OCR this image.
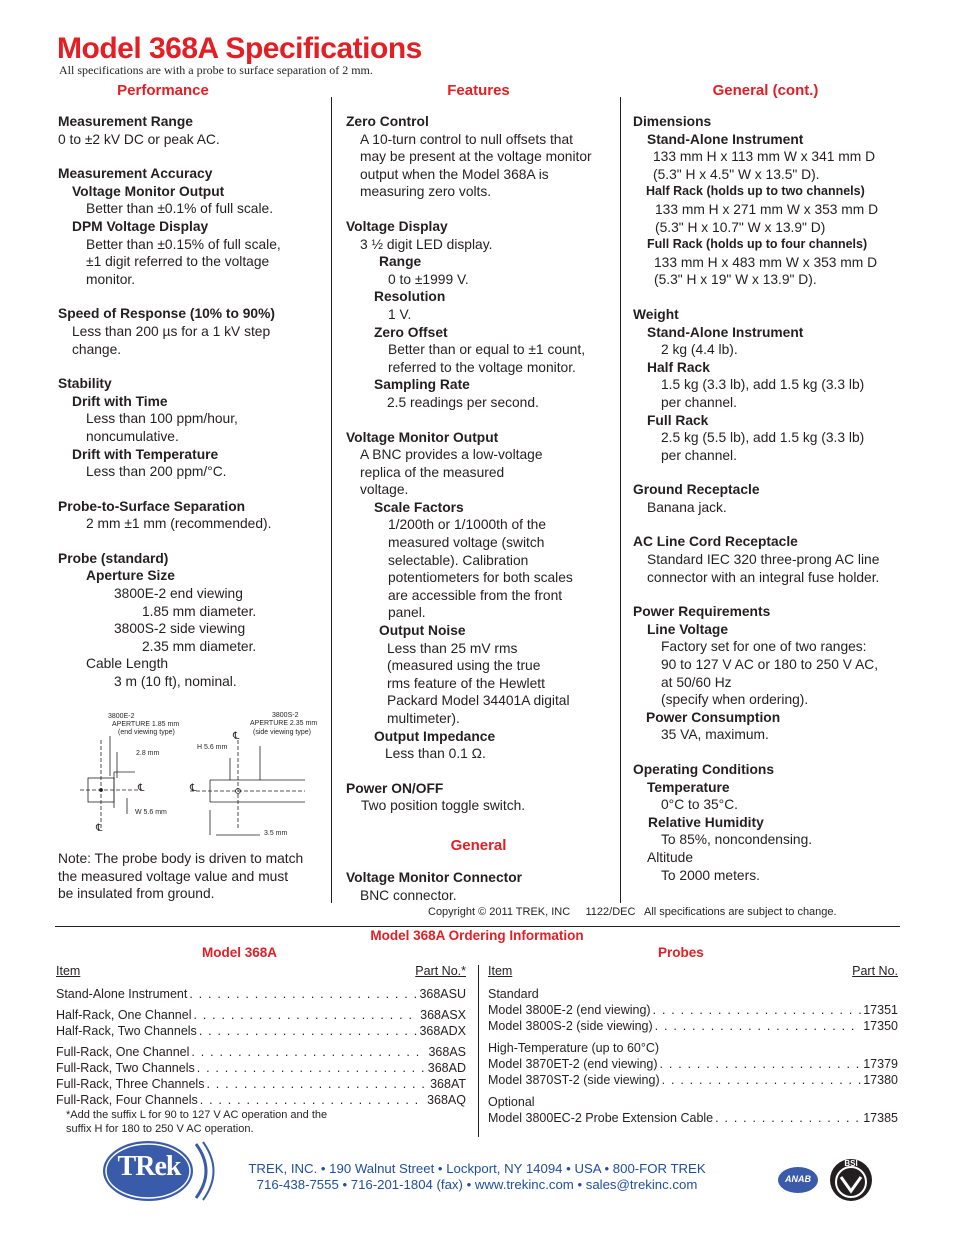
Model 368A Specifications
All specifications are with a probe to surface separation of 2 mm.
Performance
Measurement Range
0 to ±2 kV DC or peak AC.
Measurement Accuracy
Voltage Monitor Output
Better than ±0.1% of full scale.
DPM Voltage Display
Better than ±0.15% of full scale,
±1 digit referred to the voltage
monitor.
Speed of Response (10% to 90%)
Less than 200 µs for a 1 kV step
change.
Stability
Drift with Time
Less than 100 ppm/hour,
noncumulative.
Drift with Temperature
Less than 200 ppm/°C.
Probe-to-Surface Separation
2 mm ±1 mm (recommended).
Probe (standard)
Aperture Size
3800E-2 end viewing
1.85 mm diameter.
3800S-2 side viewing
2.35 mm diameter.
Cable Length
3 m (10 ft), nominal.
3800E-2
APERTURE 1.85 mm
(end viewing type)
2.8 mm
W 5.6 mm
℄
℄
3800S-2
APERTURE 2.35 mm
(side viewing type)
H 5.6 mm
3.5 mm
℄
℄
Note: The probe body is driven to match
the measured voltage value and must
be insulated from ground.
Features
Zero Control
A 10-turn control to null offsets that
may be present at the voltage monitor
output when the Model 368A is
measuring zero volts.
Voltage Display
3 ½ digit LED display.
Range
0 to ±1999 V.
Resolution
1 V.
Zero Offset
Better than or equal to ±1 count,
referred to the voltage monitor.
Sampling Rate
2.5 readings per second.
Voltage Monitor Output
A BNC provides a low-voltage
replica of the measured
voltage.
Scale Factors
1/200th or 1/1000th of the
measured voltage (switch
selectable). Calibration
potentiometers for both scales
are accessible from the front
panel.
Output Noise
Less than 25 mV rms
(measured using the true
rms feature of the Hewlett
Packard Model 34401A digital
multimeter).
Output Impedance
Less than 0.1 Ω.
Power ON/OFF
Two position toggle switch.
General
Voltage Monitor Connector
BNC connector.
General (cont.)
Dimensions
Stand-Alone Instrument
133 mm H x 113 mm W x 341 mm D
(5.3" H x 4.5" W x 13.5" D).
Half Rack (holds up to two channels)
133 mm H x 271 mm W x 353 mm D
(5.3" H x 10.7" W x 13.9" D)
Full Rack (holds up to four channels)
133 mm H x 483 mm W x 353 mm D
(5.3" H x 19" W x 13.9" D).
Weight
Stand-Alone Instrument
2 kg (4.4 lb).
Half Rack
1.5 kg (3.3 lb), add 1.5 kg (3.3 lb)
per channel.
Full Rack
2.5 kg (5.5 lb), add 1.5 kg (3.3 lb)
per channel.
Ground Receptacle
Banana jack.
AC Line Cord Receptacle
Standard IEC 320 three-prong AC line
connector with an integral fuse holder.
Power Requirements
Line Voltage
Factory set for one of two ranges:
90 to 127 V AC or 180 to 250 V AC,
at 50/60 Hz
(specify when ordering).
Power Consumption
35 VA, maximum.
Operating Conditions
Temperature
0°C to 35°C.
Relative Humidity
To 85%, noncondensing.
Altitude
To 2000 meters.
Copyright © 2011 TREK, INC     1122/DEC   All specifications are subject to change.
Model 368A Ordering Information
Model 368A	Probes
Item	Part No.*
Stand-Alone Instrument . . .	368ASU
Half-Rack, One Channel . . .	368ASX
Half-Rack, Two Channels . . .	368ADX
Full-Rack, One Channel . . .	368AS
Full-Rack, Two Channels . . .	368AD
Full-Rack, Three Channels . . .	368AT
Full-Rack, Four Channels . . .	368AQ
*Add the suffix L for 90 to 127 V AC operation and the
suffix H for 180 to 250 V AC operation.
Item	Part No.
Standard
Model 3800E-2 (end viewing) . . .	17351
Model 3800S-2 (side viewing) . . .	17350
High-Temperature (up to 60°C)
Model 3870ET-2 (end viewing) . . .	17379
Model 3870ST-2 (side viewing) . . .	17380
Optional
Model 3800EC-2 Probe Extension Cable . . .	17385
TRek	TREK, INC. • 190 Walnut Street • Lockport, NY 14094 • USA • 800-FOR TREK
716-438-7555 • 716-201-1804 (fax) • www.trekinc.com • sales@trekinc.com	ANAB
BSI
